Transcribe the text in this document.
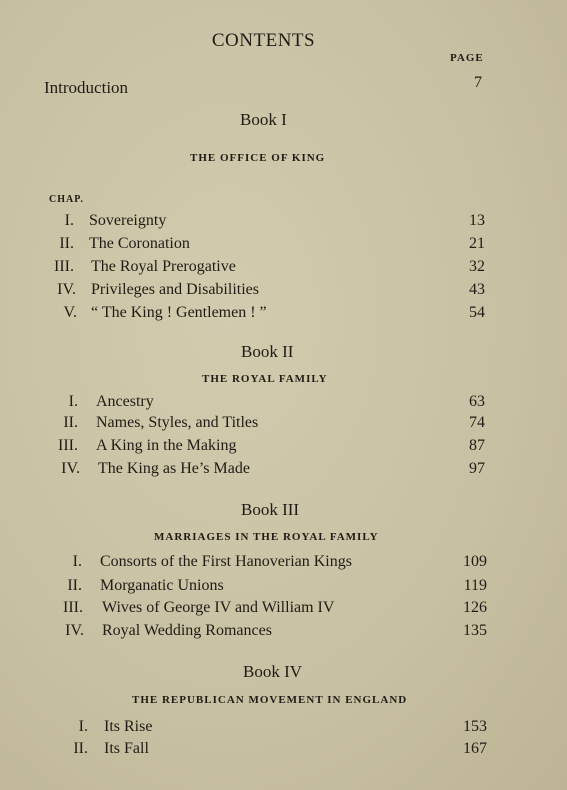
CONTENTS
PAGE
Introduction	7
Book I
THE OFFICE OF KING
CHAP.
I. Sovereignty	13
II. The Coronation	21
III. The Royal Prerogative	32
IV. Privileges and Disabilities	43
V. “ The King ! Gentlemen ! ”	54
Book II
THE ROYAL FAMILY
I. Ancestry	63
II. Names, Styles, and Titles	74
III. A King in the Making	87
IV. The King as He’s Made	97
Book III
MARRIAGES IN THE ROYAL FAMILY
I. Consorts of the First Hanoverian Kings	109
II. Morganatic Unions	119
III. Wives of George IV and William IV	126
IV. Royal Wedding Romances	135
Book IV
THE REPUBLICAN MOVEMENT IN ENGLAND
I. Its Rise	153
II. Its Fall	167
